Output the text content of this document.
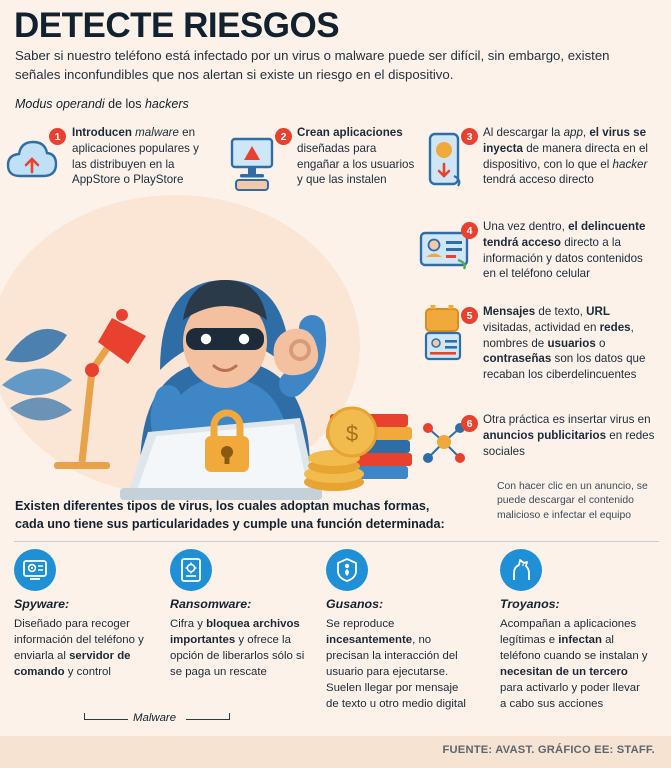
DETECTE RIESGOS
Saber si nuestro teléfono está infectado por un virus o malware puede ser difícil, sin embargo, existen señales inconfundibles que nos alertan si existe un riesgo en el dispositivo.
Modus operandi de los hackers
$
1 Introducen malware en aplicaciones populares y las distribuyen en la AppStore o PlayStore
2 Crean aplicaciones diseñadas para engañar a los usuarios y que las instalen
3 Al descargar la app, el virus se inyecta de manera directa en el dispositivo, con lo que el hacker tendrá acceso directo
4 Una vez dentro, el delincuente tendrá acceso directo a la información y datos contenidos en el teléfono celular
5 Mensajes de texto, URL visitadas, actividad en redes, nombres de usuarios o contraseñas son los datos que recaban los ciberdelincuentes
6 Otra práctica es insertar virus en anuncios publicitarios en redes sociales
Con hacer clic en un anuncio, se puede descargar el contenido malicioso e infectar el equipo
Existen diferentes tipos de virus, los cuales adoptan muchas formas, cada uno tiene sus particularidades y cumple una función determinada:
Spyware:
Diseñado para recoger información del teléfono y enviarla al servidor de comando y control
Ransomware:
Cifra y bloquea archivos importantes y ofrece la opción de liberarlos sólo si se paga un rescate
Gusanos:
Se reproduce incesantemente, no precisan la interacción del usuario para ejecutarse. Suelen llegar por mensaje de texto u otro medio digital
Troyanos:
Acompañan a aplicaciones legítimas e infectan al teléfono cuando se instalan y necesitan de un tercero para activarlo y poder llevar a cabo sus acciones
Malware
FUENTE: AVAST. GRÁFICO EE: STAFF.
